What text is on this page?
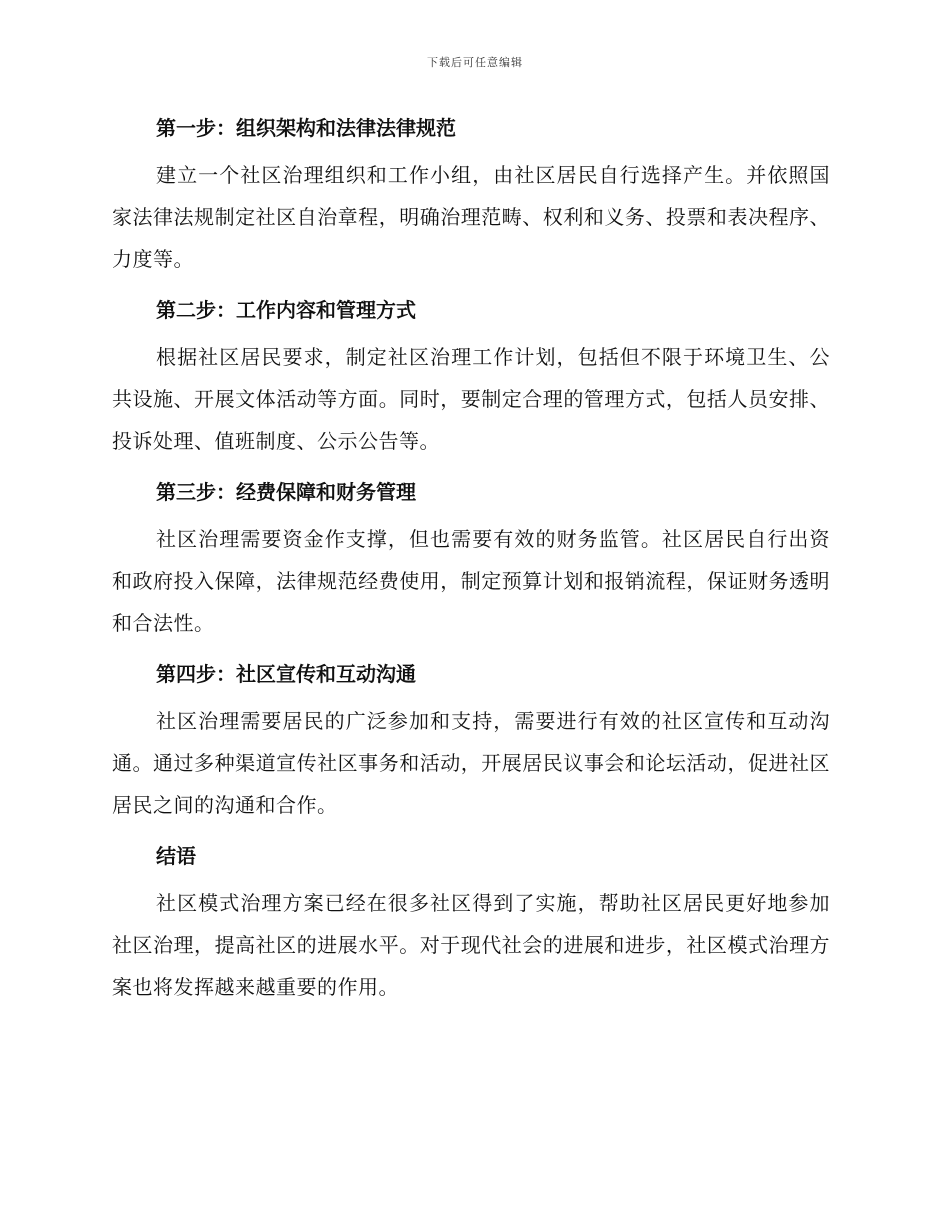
下载后可任意编辑
第一步：组织架构和法律法律规范

建立一个社区治理组织和工作小组，由社区居民自行选择产生。并依照国家法律法规制定社区自治章程，明确治理范畴、权利和义务、投票和表决程序、力度等。

第二步：工作内容和管理方式

根据社区居民要求，制定社区治理工作计划，包括但不限于环境卫生、公共设施、开展文体活动等方面。同时，要制定合理的管理方式，包括人员安排、投诉处理、值班制度、公示公告等。

第三步：经费保障和财务管理

社区治理需要资金作支撑，但也需要有效的财务监管。社区居民自行出资和政府投入保障，法律规范经费使用，制定预算计划和报销流程，保证财务透明和合法性。

第四步：社区宣传和互动沟通

社区治理需要居民的广泛参加和支持，需要进行有效的社区宣传和互动沟通。通过多种渠道宣传社区事务和活动，开展居民议事会和论坛活动，促进社区居民之间的沟通和合作。

结语

社区模式治理方案已经在很多社区得到了实施，帮助社区居民更好地参加社区治理，提高社区的进展水平。对于现代社会的进展和进步，社区模式治理方案也将发挥越来越重要的作用。
